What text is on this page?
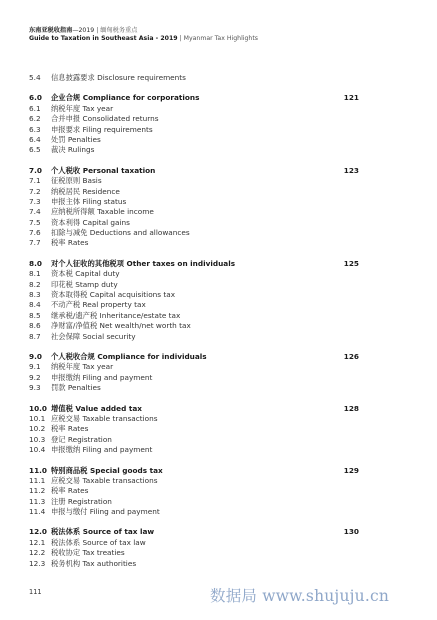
东南亚税收指南—2019 | 缅甸税务重点
Guide to Taxation in Southeast Asia - 2019 | Myanmar Tax Highlights
5.4 信息披露要求 Disclosure requirements
6.0 企业合规 Compliance for corporations	121
6.1 纳税年度 Tax year
6.2 合并申报 Consolidated returns
6.3 申报要求 Filing requirements
6.4 处罚 Penalties
6.5 裁决 Rulings
7.0 个人税收 Personal taxation	123
7.1 征税原则 Basis
7.2 纳税居民 Residence
7.3 申报主体 Filing status
7.4 应纳税所得额 Taxable income
7.5 资本利得 Capital gains
7.6 扣除与减免 Deductions and allowances
7.7 税率 Rates
8.0 对个人征收的其他税项 Other taxes on individuals	125
8.1 资本税 Capital duty
8.2 印花税 Stamp duty
8.3 资本取得税 Capital acquisitions tax
8.4 不动产税 Real property tax
8.5 继承税/遗产税 Inheritance/estate tax
8.6 净财富/净值税 Net wealth/net worth tax
8.7 社会保障 Social security
9.0 个人税收合规 Compliance for individuals	126
9.1 纳税年度 Tax year
9.2 申报缴纳 Filing and payment
9.3 罚款 Penalties
10.0 增值税 Value added tax	128
10.1 应税交易 Taxable transactions
10.2 税率 Rates
10.3 登记 Registration
10.4 申报缴纳 Filing and payment
11.0 特别商品税 Special goods tax	129
11.1 应税交易 Taxable transactions
11.2 税率 Rates
11.3 注册 Registration
11.4 申报与缴付 Filing and payment
12.0 税法体系 Source of tax law	130
12.1 税法体系 Source of tax law
12.2 税收协定 Tax treaties
12.3 税务机构 Tax authorities
111	数据局 www.shujuju.cn
